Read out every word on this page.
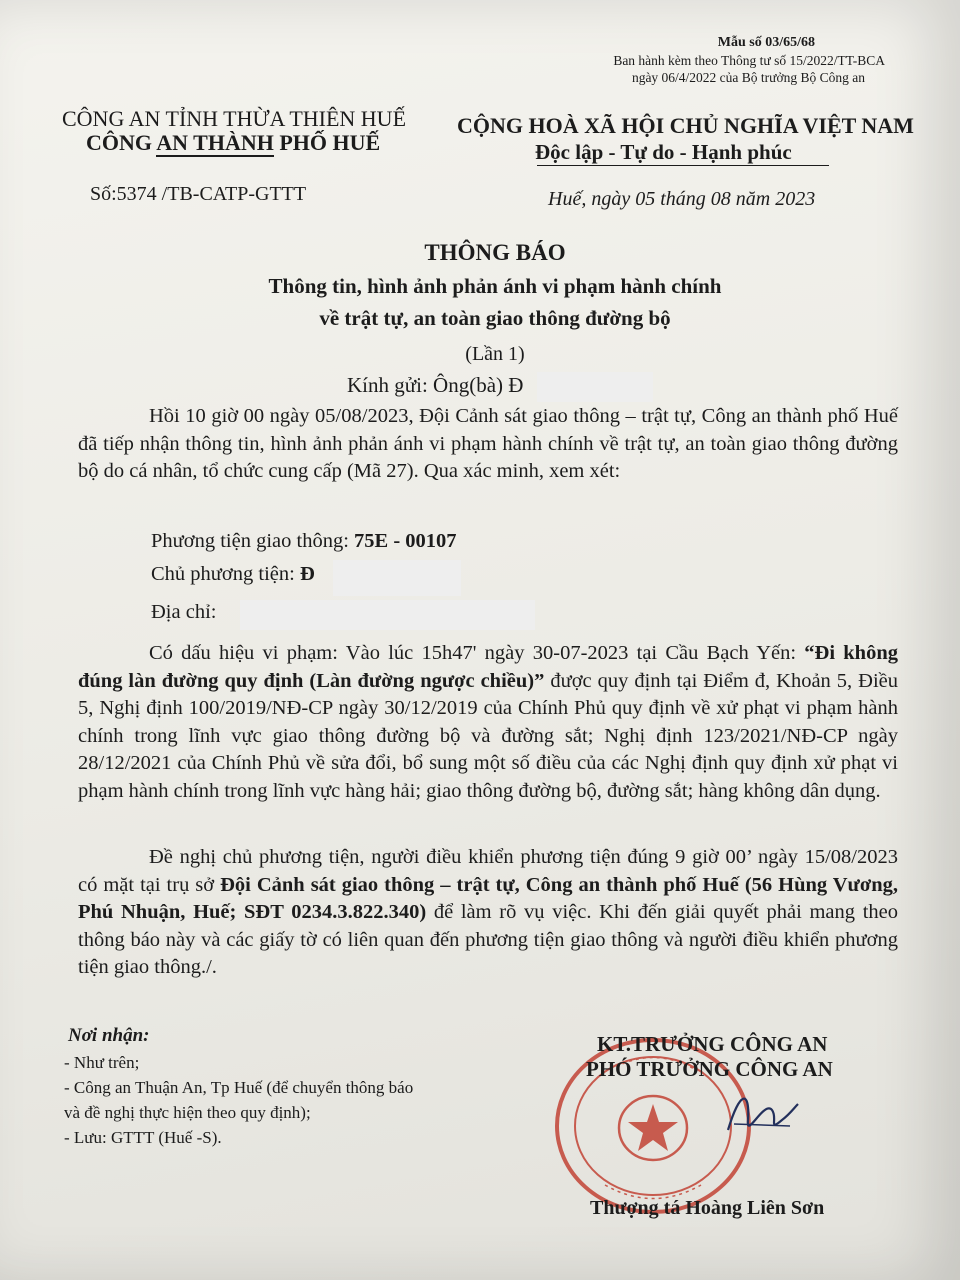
Mẫu số 03/65/68
Ban hành kèm theo Thông tư số 15/2022/TT-BCA
ngày 06/4/2022 của Bộ trưởng Bộ Công an
CÔNG AN TỈNH THỪA THIÊN HUẾ
CÔNG AN THÀNH PHỐ HUẾ
CỘNG HOÀ XÃ HỘI CHỦ NGHĨA VIỆT NAM
Độc lập - Tự do - Hạnh phúc
Số:5374 /TB-CATP-GTTT	Huế, ngày 05 tháng 08 năm 2023
THÔNG BÁO
Thông tin, hình ảnh phản ánh vi phạm hành chính
về trật tự, an toàn giao thông đường bộ
(Lần 1)
Kính gửi: Ông(bà) Đ
Hồi 10 giờ 00 ngày 05/08/2023, Đội Cảnh sát giao thông – trật tự, Công an thành phố Huế đã tiếp nhận thông tin, hình ảnh phản ánh vi phạm hành chính về trật tự, an toàn giao thông đường bộ do cá nhân, tổ chức cung cấp (Mã 27). Qua xác minh, xem xét:
Phương tiện giao thông: 75E - 00107
Chủ phương tiện: Đ
Địa chỉ:
Có dấu hiệu vi phạm: Vào lúc 15h47' ngày 30-07-2023 tại Cầu Bạch Yến: “Đi không đúng làn đường quy định (Làn đường ngược chiều)” được quy định tại Điểm đ, Khoản 5, Điều 5, Nghị định 100/2019/NĐ-CP ngày 30/12/2019 của Chính Phủ quy định về xử phạt vi phạm hành chính trong lĩnh vực giao thông đường bộ và đường sắt; Nghị định 123/2021/NĐ-CP ngày 28/12/2021 của Chính Phủ về sửa đổi, bổ sung một số điều của các Nghị định quy định xử phạt vi phạm hành chính trong lĩnh vực hàng hải; giao thông đường bộ, đường sắt; hàng không dân dụng.
Đề nghị chủ phương tiện, người điều khiển phương tiện đúng 9 giờ 00’ ngày 15/08/2023 có mặt tại trụ sở Đội Cảnh sát giao thông – trật tự, Công an thành phố Huế (56 Hùng Vương, Phú Nhuận, Huế; SĐT 0234.3.822.340) để làm rõ vụ việc. Khi đến giải quyết phải mang theo thông báo này và các giấy tờ có liên quan đến phương tiện giao thông và người điều khiển phương tiện giao thông./.
Nơi nhận:
- Như trên;
- Công an Thuận An, Tp Huế (để chuyển thông báo
và đề nghị thực hiện theo quy định);
- Lưu: GTTT (Huế -S).
KT.TRƯỞNG CÔNG AN
PHÓ TRƯỞNG CÔNG AN
Thượng tá Hoàng Liên Sơn
